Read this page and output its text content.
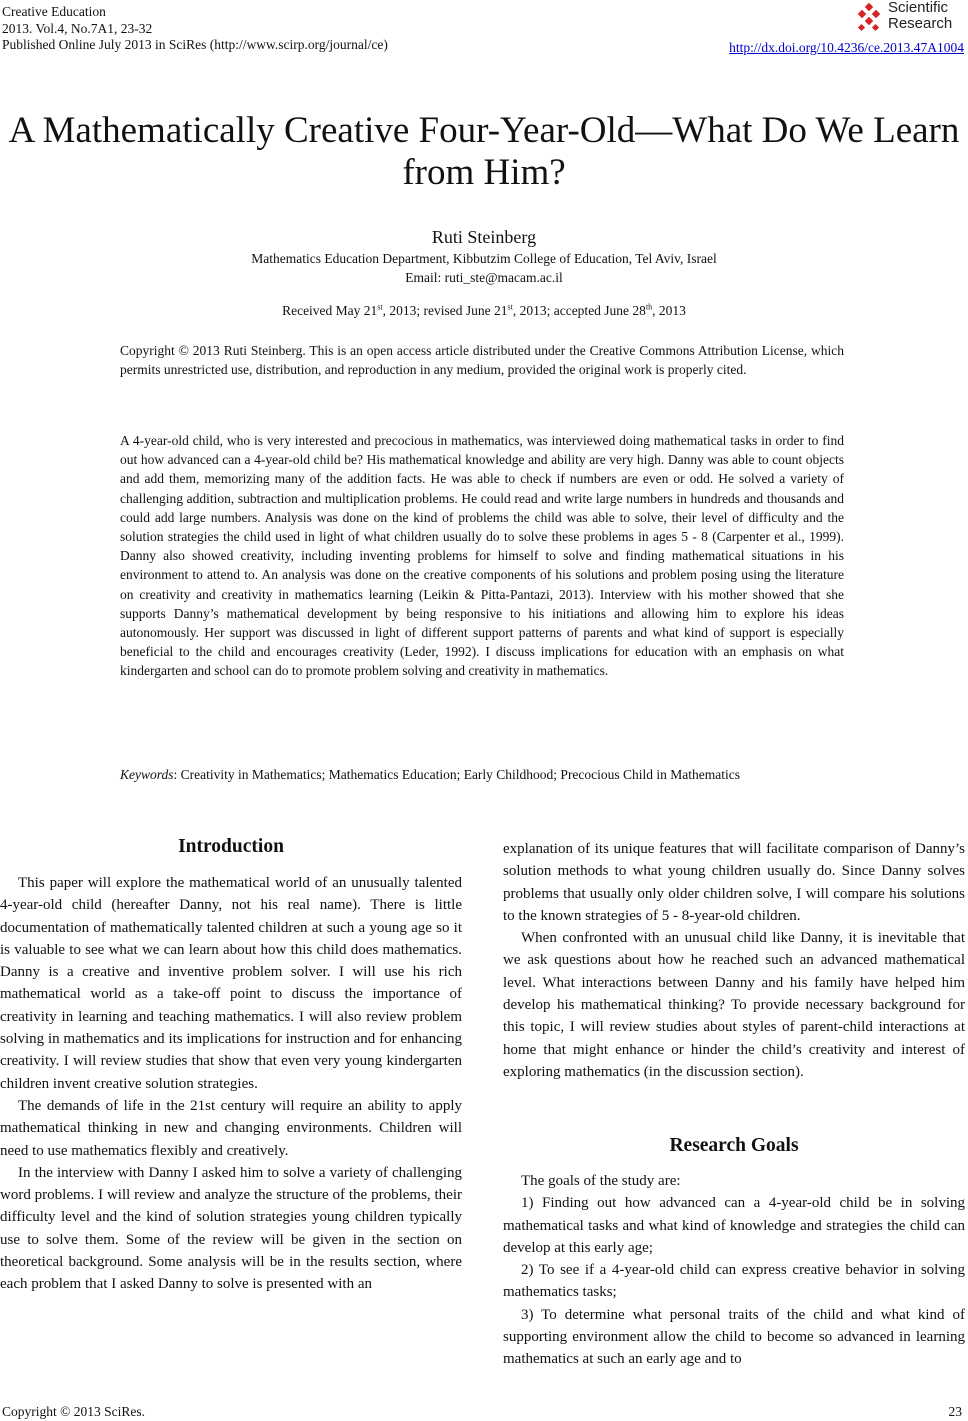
Creative Education
2013. Vol.4, No.7A1, 23-32
Published Online July 2013 in SciRes (http://www.scirp.org/journal/ce)
Scientific
Research
http://dx.doi.org/10.4236/ce.2013.47A1004
A Mathematically Creative Four-Year-Old—What Do We Learn
from Him?
Ruti Steinberg
Mathematics Education Department, Kibbutzim College of Education, Tel Aviv, Israel
Email: ruti_ste@macam.ac.il
Received May 21st, 2013; revised June 21st, 2013; accepted June 28th, 2013
Copyright © 2013 Ruti Steinberg. This is an open access article distributed under the Creative Commons Attribution License, which permits unrestricted use, distribution, and reproduction in any medium, provided the original work is properly cited.
A 4-year-old child, who is very interested and precocious in mathematics, was interviewed doing mathematical tasks in order to find out how advanced can a 4-year-old child be? His mathematical knowledge and ability are very high. Danny was able to count objects and add them, memorizing many of the addition facts. He was able to check if numbers are even or odd. He solved a variety of challenging addition, subtraction and multiplication problems. He could read and write large numbers in hundreds and thousands and could add large numbers. Analysis was done on the kind of problems the child was able to solve, their level of difficulty and the solution strategies the child used in light of what children usually do to solve these problems in ages 5 - 8 (Carpenter et al., 1999). Danny also showed creativity, including inventing problems for himself to solve and finding mathematical situations in his environment to attend to. An analysis was done on the creative components of his solutions and problem posing using the literature on creativity and creativity in mathematics learning (Leikin & Pitta-Pantazi, 2013). Interview with his mother showed that she supports Danny’s mathematical development by being responsive to his initiations and allowing him to explore his ideas autonomously. Her support was discussed in light of different support patterns of parents and what kind of support is especially beneficial to the child and encourages creativity (Leder, 1992). I discuss implications for education with an emphasis on what kindergarten and school can do to promote problem solving and creativity in mathematics.
Keywords: Creativity in Mathematics; Mathematics Education; Early Childhood; Precocious Child in Mathematics
Introduction

This paper will explore the mathematical world of an unusually talented 4-year-old child (hereafter Danny, not his real name). There is little documentation of mathematically talented children at such a young age so it is valuable to see what we can learn about how this child does mathematics. Danny is a creative and inventive problem solver. I will use his rich mathematical world as a take-off point to discuss the importance of creativity in learning and teaching mathematics. I will also review problem solving in mathematics and its implications for instruction and for enhancing creativity. I will review studies that show that even very young kindergarten children invent creative solution strategies.

The demands of life in the 21st century will require an ability to apply mathematical thinking in new and changing environments. Children will need to use mathematics flexibly and creatively.

In the interview with Danny I asked him to solve a variety of challenging word problems. I will review and analyze the structure of the problems, their difficulty level and the kind of solution strategies young children typically use to solve them. Some of the review will be given in the section on theoretical background. Some analysis will be in the results section, where each problem that I asked Danny to solve is presented with an

explanation of its unique features that will facilitate comparison of Danny’s solution methods to what young children usually do. Since Danny solves problems that usually only older children solve, I will compare his solutions to the known strategies of 5 - 8-year-old children.

When confronted with an unusual child like Danny, it is inevitable that we ask questions about how he reached such an advanced mathematical level. What interactions between Danny and his family have helped him develop his mathematical thinking? To provide necessary background for this topic, I will review studies about styles of parent-child interactions at home that might enhance or hinder the child’s creativity and interest of exploring mathematics (in the discussion section).

Research Goals

The goals of the study are:

1) Finding out how advanced can a 4-year-old child be in solving mathematical tasks and what kind of knowledge and strategies the child can develop at this early age;

2) To see if a 4-year-old child can express creative behavior in solving mathematics tasks;

3) To determine what personal traits of the child and what kind of supporting environment allow the child to become so advanced in learning mathematics at such an early age and to

Copyright © 2013 SciRes.	23
